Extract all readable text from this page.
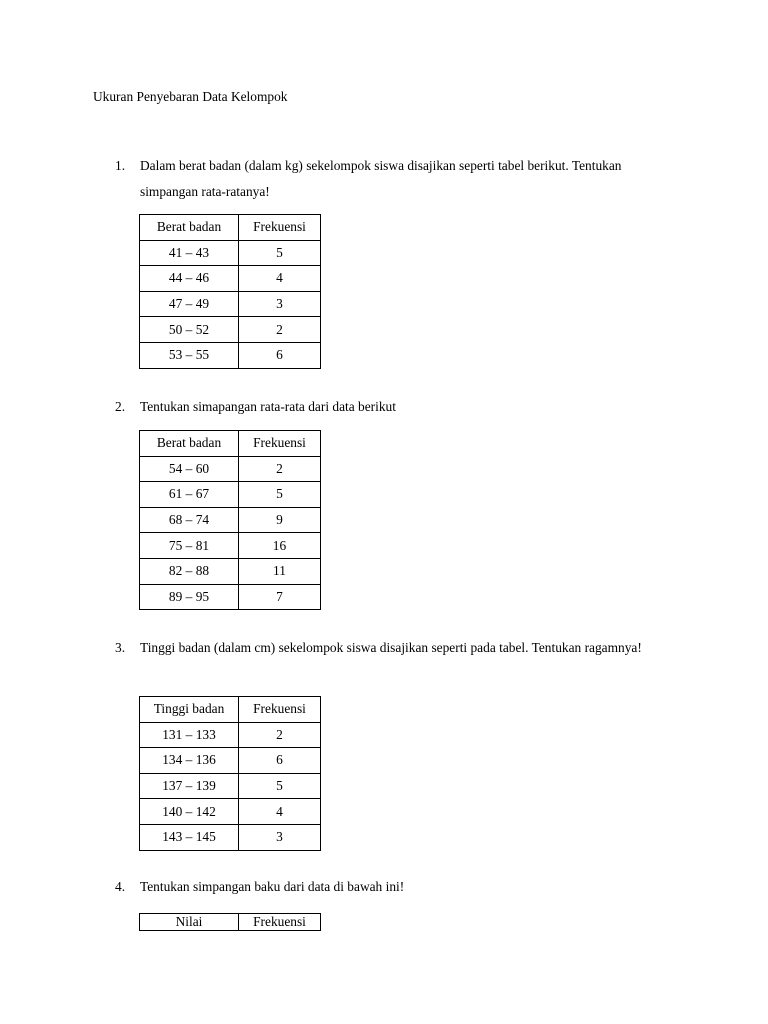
Ukuran Penyebaran Data Kelompok
1. Dalam berat badan (dalam kg) sekelompok siswa disajikan seperti tabel berikut. Tentukan simpangan rata-ratanya!
Berat badan	Frekuensi
41 – 43	5
44 – 46	4
47 – 49	3
50 – 52	2
53 – 55	6
2. Tentukan simapangan rata-rata dari data berikut
Berat badan	Frekuensi
54 – 60	2
61 – 67	5
68 – 74	9
75 – 81	16
82 – 88	11
89 – 95	7
3. Tinggi badan (dalam cm) sekelompok siswa disajikan seperti pada tabel. Tentukan ragamnya!
Tinggi badan	Frekuensi
131 – 133	2
134 – 136	6
137 – 139	5
140 – 142	4
143 – 145	3
4. Tentukan simpangan baku dari data di bawah ini!
Nilai	Frekuensi
